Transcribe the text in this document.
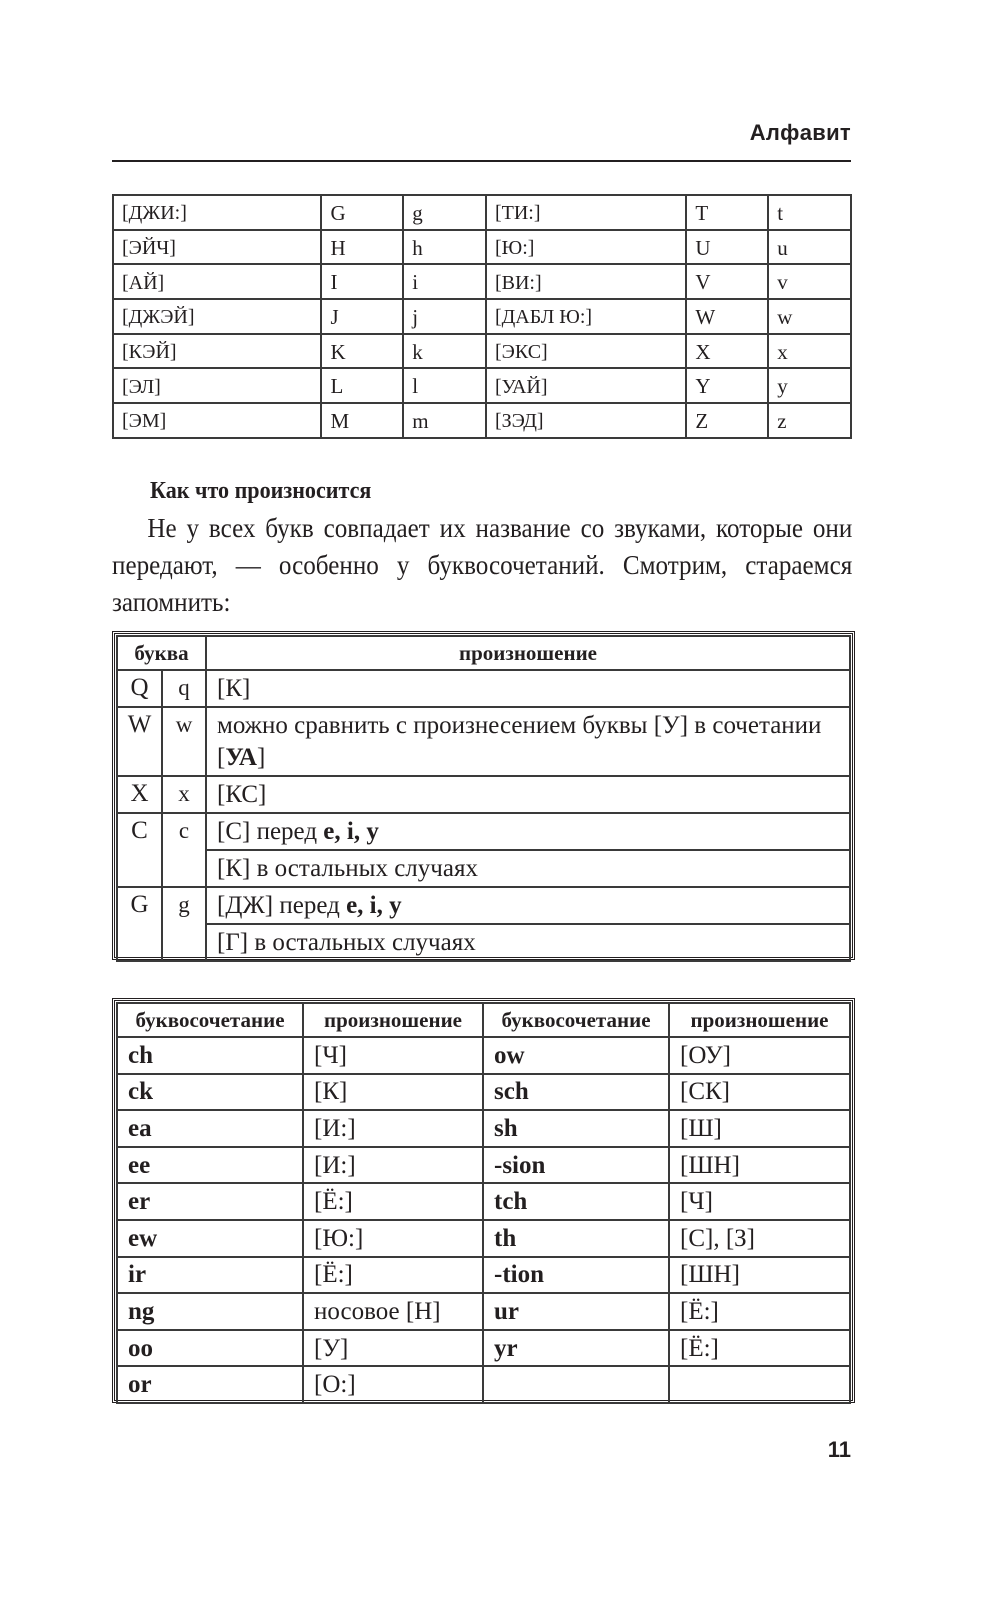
Алфавит
[ДЖИ:]	G	g	[ТИ:]	T	t
[ЭЙЧ]	H	h	[Ю:]	U	u
[АЙ]	I	i	[ВИ:]	V	v
[ДЖЭЙ]	J	j	[ДАБЛ Ю:]	W	w
[КЭЙ]	K	k	[ЭКС]	X	x
[ЭЛ]	L	l	[УАЙ]	Y	y
[ЭМ]	M	m	[ЗЭД]	Z	z
Как что произносится

Не у всех букв совпадает их название со звуками, которые они передают, — особенно у буквосочетаний. Смотрим, стараемся запомнить:

буква		произношение
Q	q	[К]
W	w	можно сравнить с произнесением буквы [У] в сочетании [УА]
X	x	[КС]
C	c	[С] перед e, i, y
		[К] в остальных случаях
G	g	[ДЖ] перед e, i, y
		[Г] в остальных случаях
буквосочетание	произношение	буквосочетание	произношение
ch	[Ч]	ow	[ОУ]
ck	[К]	sch	[СК]
ea	[И:]	sh	[Ш]
ee	[И:]	-sion	[ШН]
er	[Ё:]	tch	[Ч]
ew	[Ю:]	th	[С], [З]
ir	[Ё:]	-tion	[ШН]
ng	носовое [Н]	ur	[Ё:]
oo	[У]	yr	[Ё:]
or	[О:]		
11
